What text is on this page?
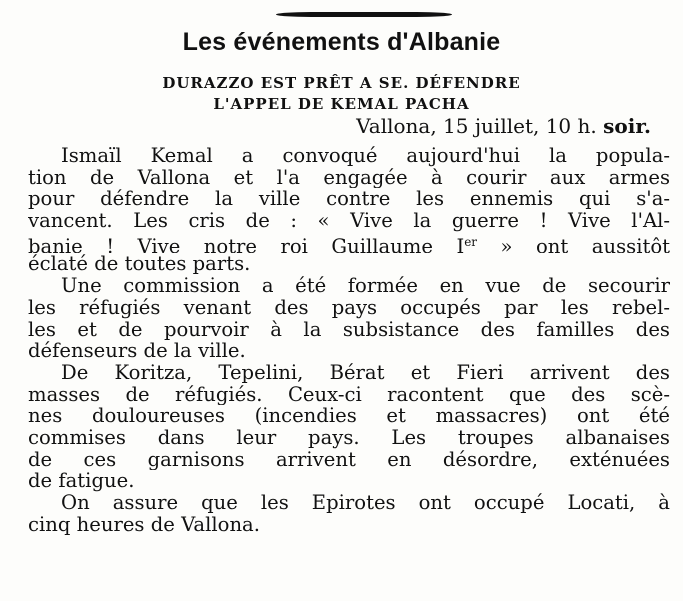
Les événements d'Albanie
DURAZZO EST PRÊT A SE. DÉFENDRE
L'APPEL DE KEMAL PACHA
Vallona, 15 juillet, 10 h. soir.
Ismaïl Kemal a convoqué aujourd'hui la popula-
tion de Vallona et l'a engagée à courir aux armes
pour défendre la ville contre les ennemis qui s'a-
vancent. Les cris de : « Vive la guerre ! Vive l'Al-
banie ! Vive notre roi Guillaume Ier » ont aussitôt
éclaté de toutes parts.
Une commission a été formée en vue de secourir
les réfugiés venant des pays occupés par les rebel-
les et de pourvoir à la subsistance des familles des
défenseurs de la ville.
De Koritza, Tepelini, Bérat et Fieri arrivent des
masses de réfugiés. Ceux-ci racontent que des scè-
nes douloureuses (incendies et massacres) ont été
commises dans leur pays. Les troupes albanaises
de ces garnisons arrivent en désordre, exténuées
de fatigue.
On assure que les Epirotes ont occupé Locati, à
cinq heures de Vallona.
